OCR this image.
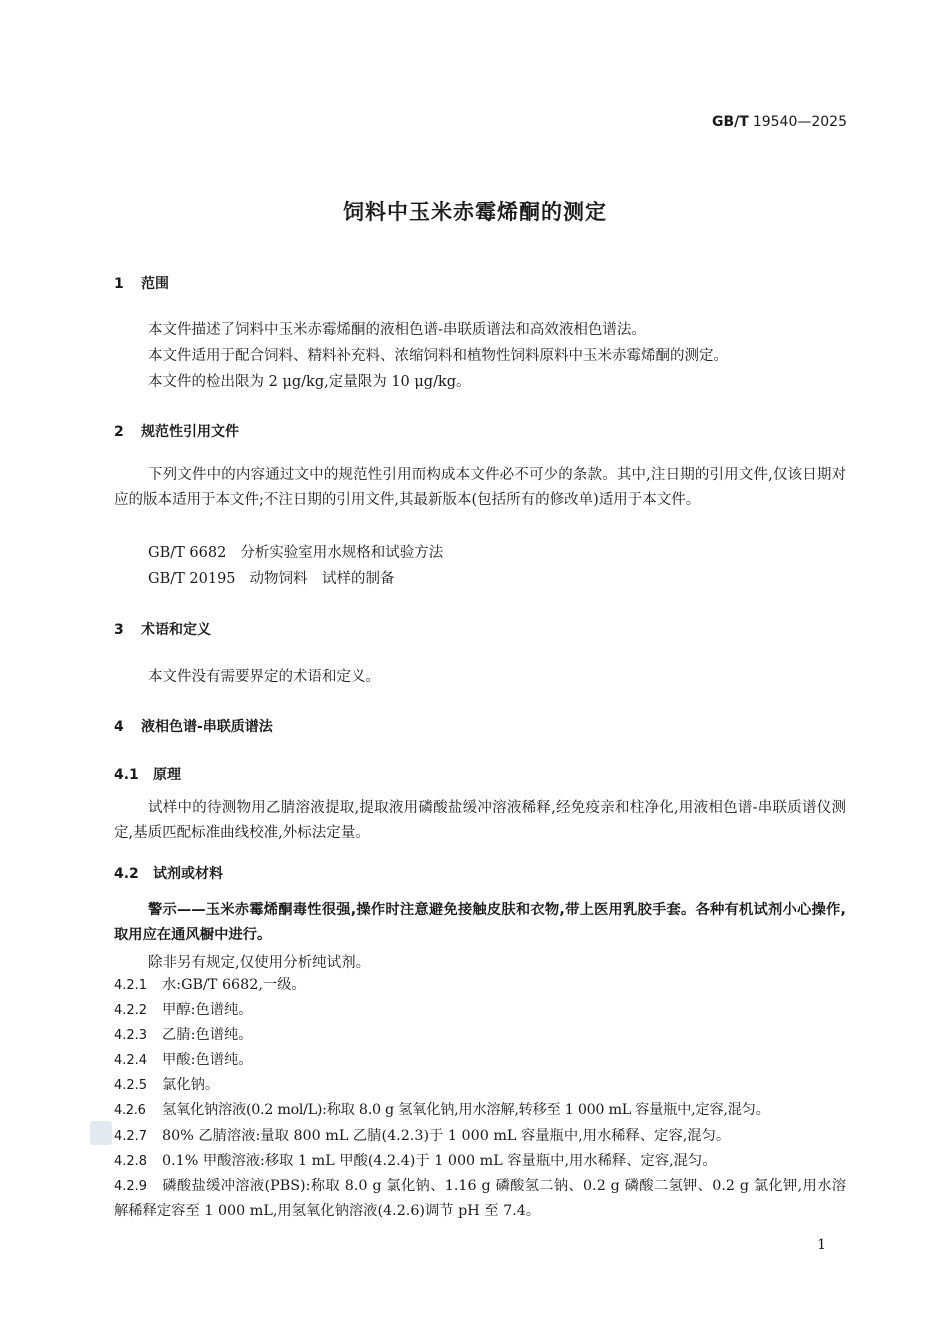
GB/T 19540—2025
饲料中玉米赤霉烯酮的测定
1 范围
本文件描述了饲料中玉米赤霉烯酮的液相色谱-串联质谱法和高效液相色谱法。
本文件适用于配合饲料、精料补充料、浓缩饲料和植物性饲料原料中玉米赤霉烯酮的测定。
本文件的检出限为 2 μg/kg,定量限为 10 μg/kg。
2 规范性引用文件
下列文件中的内容通过文中的规范性引用而构成本文件必不可少的条款。其中,注日期的引用文件,仅该日期对应的版本适用于本文件;不注日期的引用文件,其最新版本(包括所有的修改单)适用于本文件。
GB/T 6682 分析实验室用水规格和试验方法
GB/T 20195 动物饲料　试样的制备
3 术语和定义
本文件没有需要界定的术语和定义。
4 液相色谱-串联质谱法
4.1 原理
试样中的待测物用乙腈溶液提取,提取液用磷酸盐缓冲溶液稀释,经免疫亲和柱净化,用液相色谱-串联质谱仪测定,基质匹配标准曲线校准,外标法定量。
4.2 试剂或材料
警示——玉米赤霉烯酮毒性很强,操作时注意避免接触皮肤和衣物,带上医用乳胶手套。各种有机试剂小心操作,取用应在通风橱中进行。
除非另有规定,仅使用分析纯试剂。
4.2.1 水:GB/T 6682,一级。
4.2.2 甲醇:色谱纯。
4.2.3 乙腈:色谱纯。
4.2.4 甲酸:色谱纯。
4.2.5 氯化钠。
4.2.6 氢氧化钠溶液(0.2 mol/L):称取 8.0 g 氢氧化钠,用水溶解,转移至 1 000 mL 容量瓶中,定容,混匀。
4.2.7 80% 乙腈溶液:量取 800 mL 乙腈(4.2.3)于 1 000 mL 容量瓶中,用水稀释、定容,混匀。
4.2.8 0.1% 甲酸溶液:移取 1 mL 甲酸(4.2.4)于 1 000 mL 容量瓶中,用水稀释、定容,混匀。
4.2.9 磷酸盐缓冲溶液(PBS):称取 8.0 g 氯化钠、1.16 g 磷酸氢二钠、0.2 g 磷酸二氢钾、0.2 g 氯化钾,用水溶解稀释定容至 1 000 mL,用氢氧化钠溶液(4.2.6)调节 pH 至 7.4。
1
